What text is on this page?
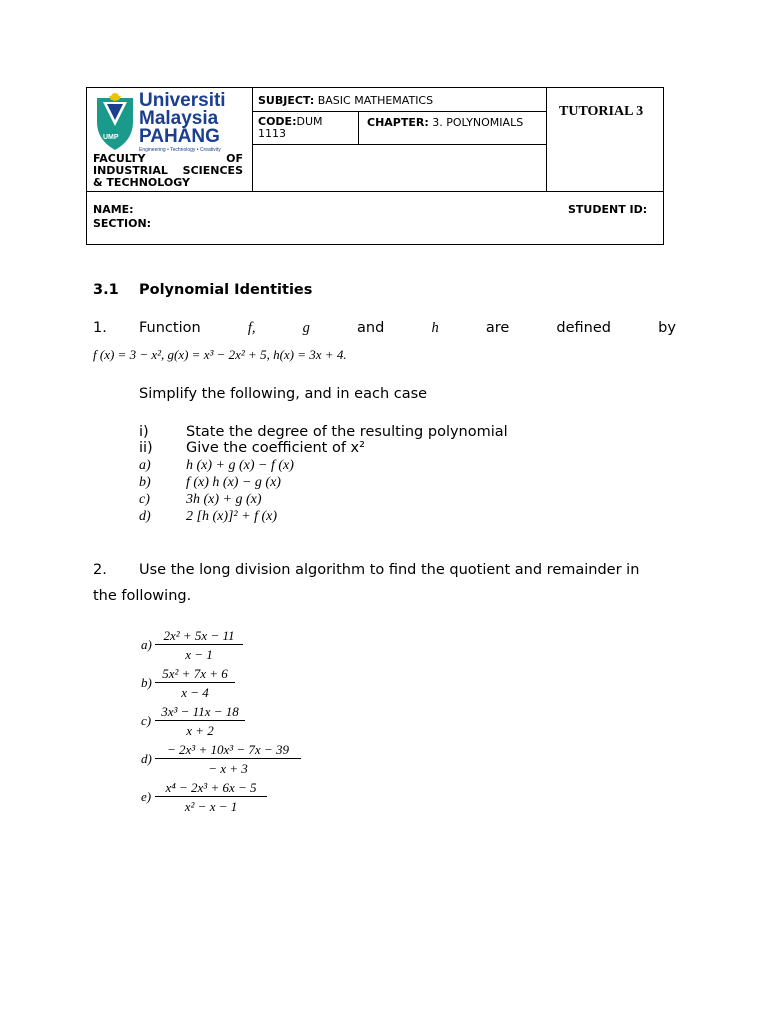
UMP
Universiti
Malaysia
PAHANG
Engineering • Technology • Creativity
FACULTY OF INDUSTRIAL SCIENCES & TECHNOLOGY
SUBJECT: BASIC MATHEMATICS
CODE:DUM 1113
CHAPTER: 3. POLYNOMIALS
TUTORIAL 3
NAME:
SECTION:
STUDENT ID:
3.1 Polynomial Identities
1. Function	f,	g	and	h	are	defined	by
f (x) = 3 − x², g(x) = x³ − 2x² + 5, h(x) = 3x + 4.
Simplify the following, and in each case
i)	State the degree of the resulting polynomial
ii) Give the coefficient of x²
a)	h (x) + g (x) − f (x)
b)	f (x) h (x) − g (x)
c)	3h (x) + g (x)
d)	2 [h (x)]² + f (x)
2. Use the long division algorithm to find the quotient and remainder in
the following.
a)
2x² + 5x − 11
x − 1
b)
5x² + 7x + 6
x − 4
c)
3x³ − 11x − 18
x + 2
d)
− 2x³ + 10x³ − 7x − 39
− x + 3
e)
x⁴ − 2x³ + 6x − 5
x² − x − 1
